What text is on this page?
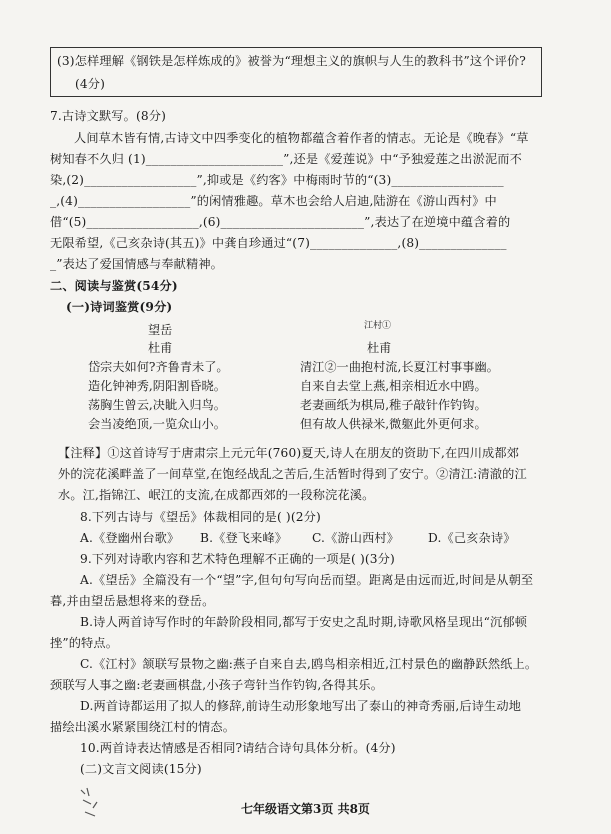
(3)怎样理解《钢铁是怎样炼成的》被誉为“理想主义的旗帜与人生的教科书”这个评价?
(4分)
7.古诗文默写。(8分)
人间草木皆有情,古诗文中四季变化的植物都蕴含着作者的情志。无论是《晚春》“草
树知春不久归 (1)______________________”,还是《爱莲说》中“予独爱莲之出淤泥而不
染,(2)__________________”,抑或是《约客》中梅雨时节的“(3)__________________
_,(4)__________________”的闲情雅趣。草木也会给人启迪,陆游在《游山西村》中
借“(5)__________________,(6)_______________________”,表达了在逆境中蕴含着的
无限希望,《己亥杂诗(其五)》中龚自珍通过“(7)______________,(8)______________
_”表达了爱国情感与奉献精神。
二、阅读与鉴赏(54分)
(一)诗词鉴赏(9分)
望岳
杜甫
岱宗夫如何?齐鲁青未了。
造化钟神秀,阴阳割昏晓。
荡胸生曾云,决眦入归鸟。
会当凌绝顶,一览众山小。
江村①
杜甫
清江②一曲抱村流,长夏江村事事幽。
自来自去堂上燕,相亲相近水中鸥。
老妻画纸为棋局,稚子敲针作钓钩。
但有故人供禄米,微躯此外更何求。
【注释】①这首诗写于唐肃宗上元元年(760)夏天,诗人在朋友的资助下,在四川成都郊
外的浣花溪畔盖了一间草堂,在饱经战乱之苦后,生活暂时得到了安宁。②清江:清澈的江
水。江,指锦江、岷江的支流,在成都西郊的一段称浣花溪。
8.下列古诗与《望岳》体裁相同的是( )(2分)
A.《登幽州台歌》 B.《登飞来峰》 C.《游山西村》 D.《己亥杂诗》
9.下列对诗歌内容和艺术特色理解不正确的一项是( )(3分)
A.《望岳》全篇没有一个“望”字,但句句写向岳而望。距离是由远而近,时间是从朝至
暮,并由望岳悬想将来的登岳。
B.诗人两首诗写作时的年龄阶段相同,都写于安史之乱时期,诗歌风格呈现出“沉郁顿
挫”的特点。
C.《江村》颔联写景物之幽:燕子自来自去,鸥鸟相亲相近,江村景色的幽静跃然纸上。
颈联写人事之幽:老妻画棋盘,小孩子弯针当作钓钩,各得其乐。
D.两首诗都运用了拟人的修辞,前诗生动形象地写出了泰山的神奇秀丽,后诗生动地
描绘出溪水紧紧围绕江村的情态。
10.两首诗表达情感是否相同?请结合诗句具体分析。(4分)
(二)文言文阅读(15分)
七年级语文第3页 共8页
